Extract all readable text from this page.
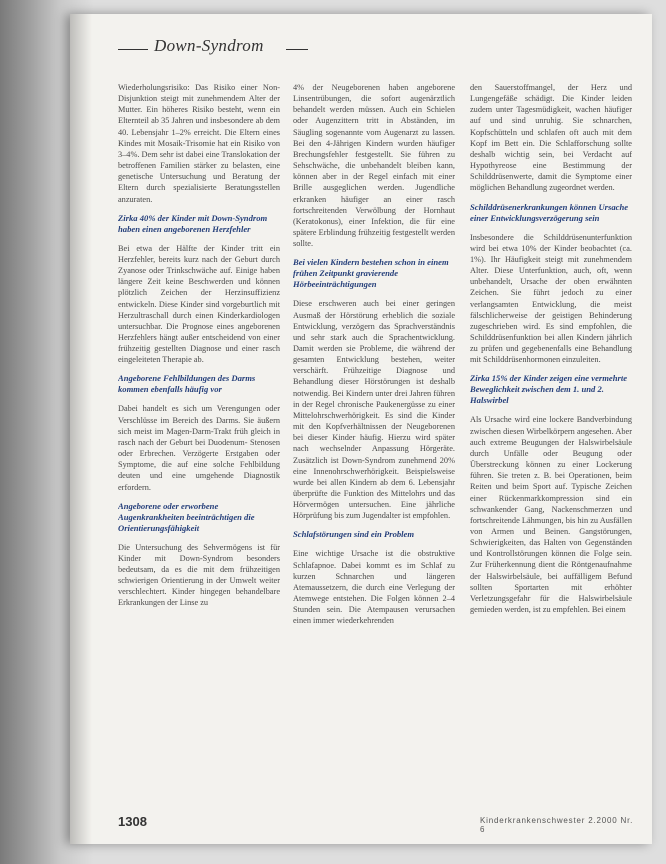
Down-Syndrom

Wiederholungsrisiko: Das Risiko einer Non-Disjunktion steigt mit zunehmendem Alter der Mutter. Ein höheres Risiko besteht, wenn ein Elternteil ab 35 Jahren und insbesondere ab dem 40. Lebensjahr 1–2% erreicht. Die Eltern eines Kindes mit Mosaik-Trisomie hat ein Risiko von 3–4%. Dem sehr ist dabei eine Translokation der betroffenen Familien stärker zu belasten, eine genetische Untersuchung und Beratung der Eltern durch spezialisierte Beratungsstellen anzuraten.

Zirka 40% der Kinder mit Down-Syndrom haben einen angeborenen Herzfehler

Bei etwa der Hälfte der Kinder tritt ein Herzfehler, bereits kurz nach der Geburt durch Zyanose oder Trinkschwäche auf. Einige haben längere Zeit keine Beschwerden und können plötzlich Zeichen der Herzinsuffizienz entwickeln. Diese Kinder sind vorgeburtlich mit Herzultraschall durch einen Kinderkardiologen untersuchbar. Die Prognose eines angeborenen Herzfehlers hängt außer entscheidend von einer frühzeitig gestellten Diagnose und einer rasch eingeleiteten Therapie ab.

Angeborene Fehlbildungen des Darms kommen ebenfalls häufig vor

Dabei handelt es sich um Verengungen oder Verschlüsse im Bereich des Darms. Sie äußern sich meist im Magen-Darm-Trakt früh gleich in rasch nach der Geburt bei Duodenum- Stenosen oder Erbrechen. Verzögerte Erstgaben oder Symptome, die auf eine solche Fehlbildung deuten und eine umgehende Diagnostik erfordern.

Angeborene oder erworbene Augenkrankheiten beeinträchtigen die Orientierungsfähigkeit

Die Untersuchung des Sehvermögens ist für Kinder mit Down-Syndrom besonders bedeutsam, da es die mit dem frühzeitigen schwierigen Orientierung in der Umwelt weiter verschlechtert. Kinder hingegen behandelbare Erkrankungen der Linse zu

4% der Neugeborenen haben angeborene Linsentrübungen, die sofort augenärztlich behandelt werden müssen. Auch ein Schielen oder Augenzittern tritt in Abständen, im Säugling sogenannte vom Augenarzt zu lassen. Bei den 4-Jährigen Kindern wurden häufiger Brechungsfehler festgestellt. Sie führen zu Sehschwäche, die unbehandelt bleiben kann, können aber in der Regel einfach mit einer Brille ausgeglichen werden. Jugendliche erkranken häufiger an einer rasch fortschreitenden Verwölbung der Hornhaut (Keratokonus), einer Infektion, die für eine spätere Erblindung frühzeitig festgestellt werden sollte.

Bei vielen Kindern bestehen schon in einem frühen Zeitpunkt gravierende Hörbeeinträchtigungen

Diese erschweren auch bei einer geringen Ausmaß der Hörstörung erheblich die soziale Entwicklung, verzögern das Sprachverständnis und sehr stark auch die Sprachentwicklung. Damit werden sie Probleme, die während der gesamten Entwicklung bestehen, weiter verschärft. Frühzeitige Diagnose und Behandlung dieser Hörstörungen ist deshalb notwendig. Bei Kindern unter drei Jahren führen in der Regel chronische Paukenergüsse zu einer Mittelohrschwerhörigkeit. Es sind die Kinder mit den Kopfverhältnissen der Neugeborenen bei dieser Kinder häufig. Hierzu wird später nach wechselnder Anpassung Hörgeräte. Zusätzlich ist Down-Syndrom zunehmend 20% eine Innenohrschwerhörigkeit. Beispielsweise wurde bei allen Kindern ab dem 6. Lebensjahr überprüfte die Funktion des Mittelohrs und das Hörvermögen untersuchen. Eine jährliche Hörprüfung bis zum Jugendalter ist empfohlen.

Schlafstörungen sind ein Problem

Eine wichtige Ursache ist die obstruktive Schlafapnoe. Dabei kommt es im Schlaf zu kurzen Schnarchen und längeren Atemaussetzern, die durch eine Verlegung der Atemwege entstehen. Die Folgen können 2–4 Stunden sein. Die Atempausen verursachen einen immer wiederkehrenden

den Sauerstoffmangel, der Herz und Lungengefäße schädigt. Die Kinder leiden zudem unter Tagesmüdigkeit, wachen häufiger auf und sind unruhig. Sie schnarchen, Kopfschütteln und schlafen oft auch mit dem Kopf im Bett ein. Die Schlafforschung sollte deshalb wichtig sein, bei Verdacht auf Hypothyreose eine Bestimmung der Schilddrüsenwerte, damit die Symptome einer möglichen Behandlung zugeordnet werden.

Schilddrüsenerkrankungen können Ursache einer Entwicklungsverzögerung sein

Insbesondere die Schilddrüsenunterfunktion wird bei etwa 10% der Kinder beobachtet (ca. 1%). Ihr Häufigkeit steigt mit zunehmendem Alter. Diese Unterfunktion, auch, oft, wenn unbehandelt, Ursache der oben erwähnten Zeichen. Sie führt jedoch zu einer verlangsamten Entwicklung, die meist fälschlicherweise der geistigen Behinderung zugeschrieben wird. Es sind empfohlen, die Schilddrüsenfunktion bei allen Kindern jährlich zu prüfen und gegebenenfalls eine Behandlung mit Schilddrüsenhormonen einzuleiten.

Zirka 15% der Kinder zeigen eine vermehrte Beweglichkeit zwischen dem 1. und 2. Halswirbel

Als Ursache wird eine lockere Bandverbindung zwischen diesen Wirbelkörpern angesehen. Aber auch extreme Beugungen der Halswirbelsäule durch Unfälle oder Beugung oder Überstreckung können zu einer Lockerung führen. Sie treten z. B. bei Operationen, beim Reiten und beim Sport auf. Typische Zeichen einer Rückenmarkkompression sind ein schwankender Gang, Nackenschmerzen und fortschreitende Lähmungen, bis hin zu Ausfällen von Armen und Beinen. Gangstörungen, Schwierigkeiten, das Halten von Gegenständen und Kontrollstörungen können die Folge sein. Zur Früherkennung dient die Röntgenaufnahme der Halswirbelsäule, bei auffälligem Befund sollten Sportarten mit erhöhter Verletzungsgefahr für die Halswirbelsäule gemieden werden, ist zu empfehlen. Bei einem

1308	Kinderkrankenschwester 2.2000 Nr. 6
